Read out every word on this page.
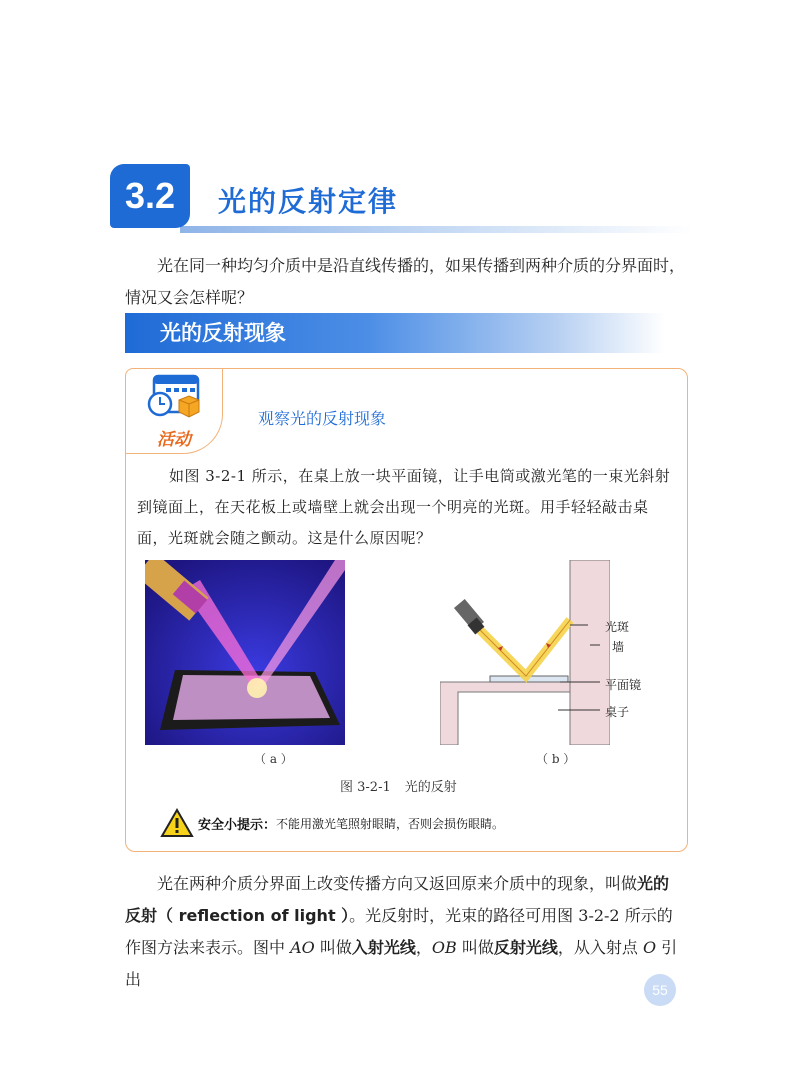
3.2	光的反射定律
光在同一种均匀介质中是沿直线传播的，如果传播到两种介质的分界面时，情况又会怎样呢？
光的反射现象
活动
观察光的反射现象
如图 3-2-1 所示，在桌上放一块平面镜，让手电筒或激光笔的一束光斜射到镜面上，在天花板上或墙壁上就会出现一个明亮的光斑。用手轻轻敲击桌面，光斑就会随之颤动。这是什么原因呢？
光斑
墙
平面镜
桌子
（ a ）	（ b ）
图 3-2-1 光的反射
安全小提示： 不能用激光笔照射眼睛，否则会损伤眼睛。
光在两种介质分界面上改变传播方向又返回原来介质中的现象，叫做光的反射（ reflection of light ）。光反射时，光束的路径可用图 3-2-2 所示的作图方法来表示。图中 AO 叫做入射光线，OB 叫做反射光线，从入射点 O 引出
55
